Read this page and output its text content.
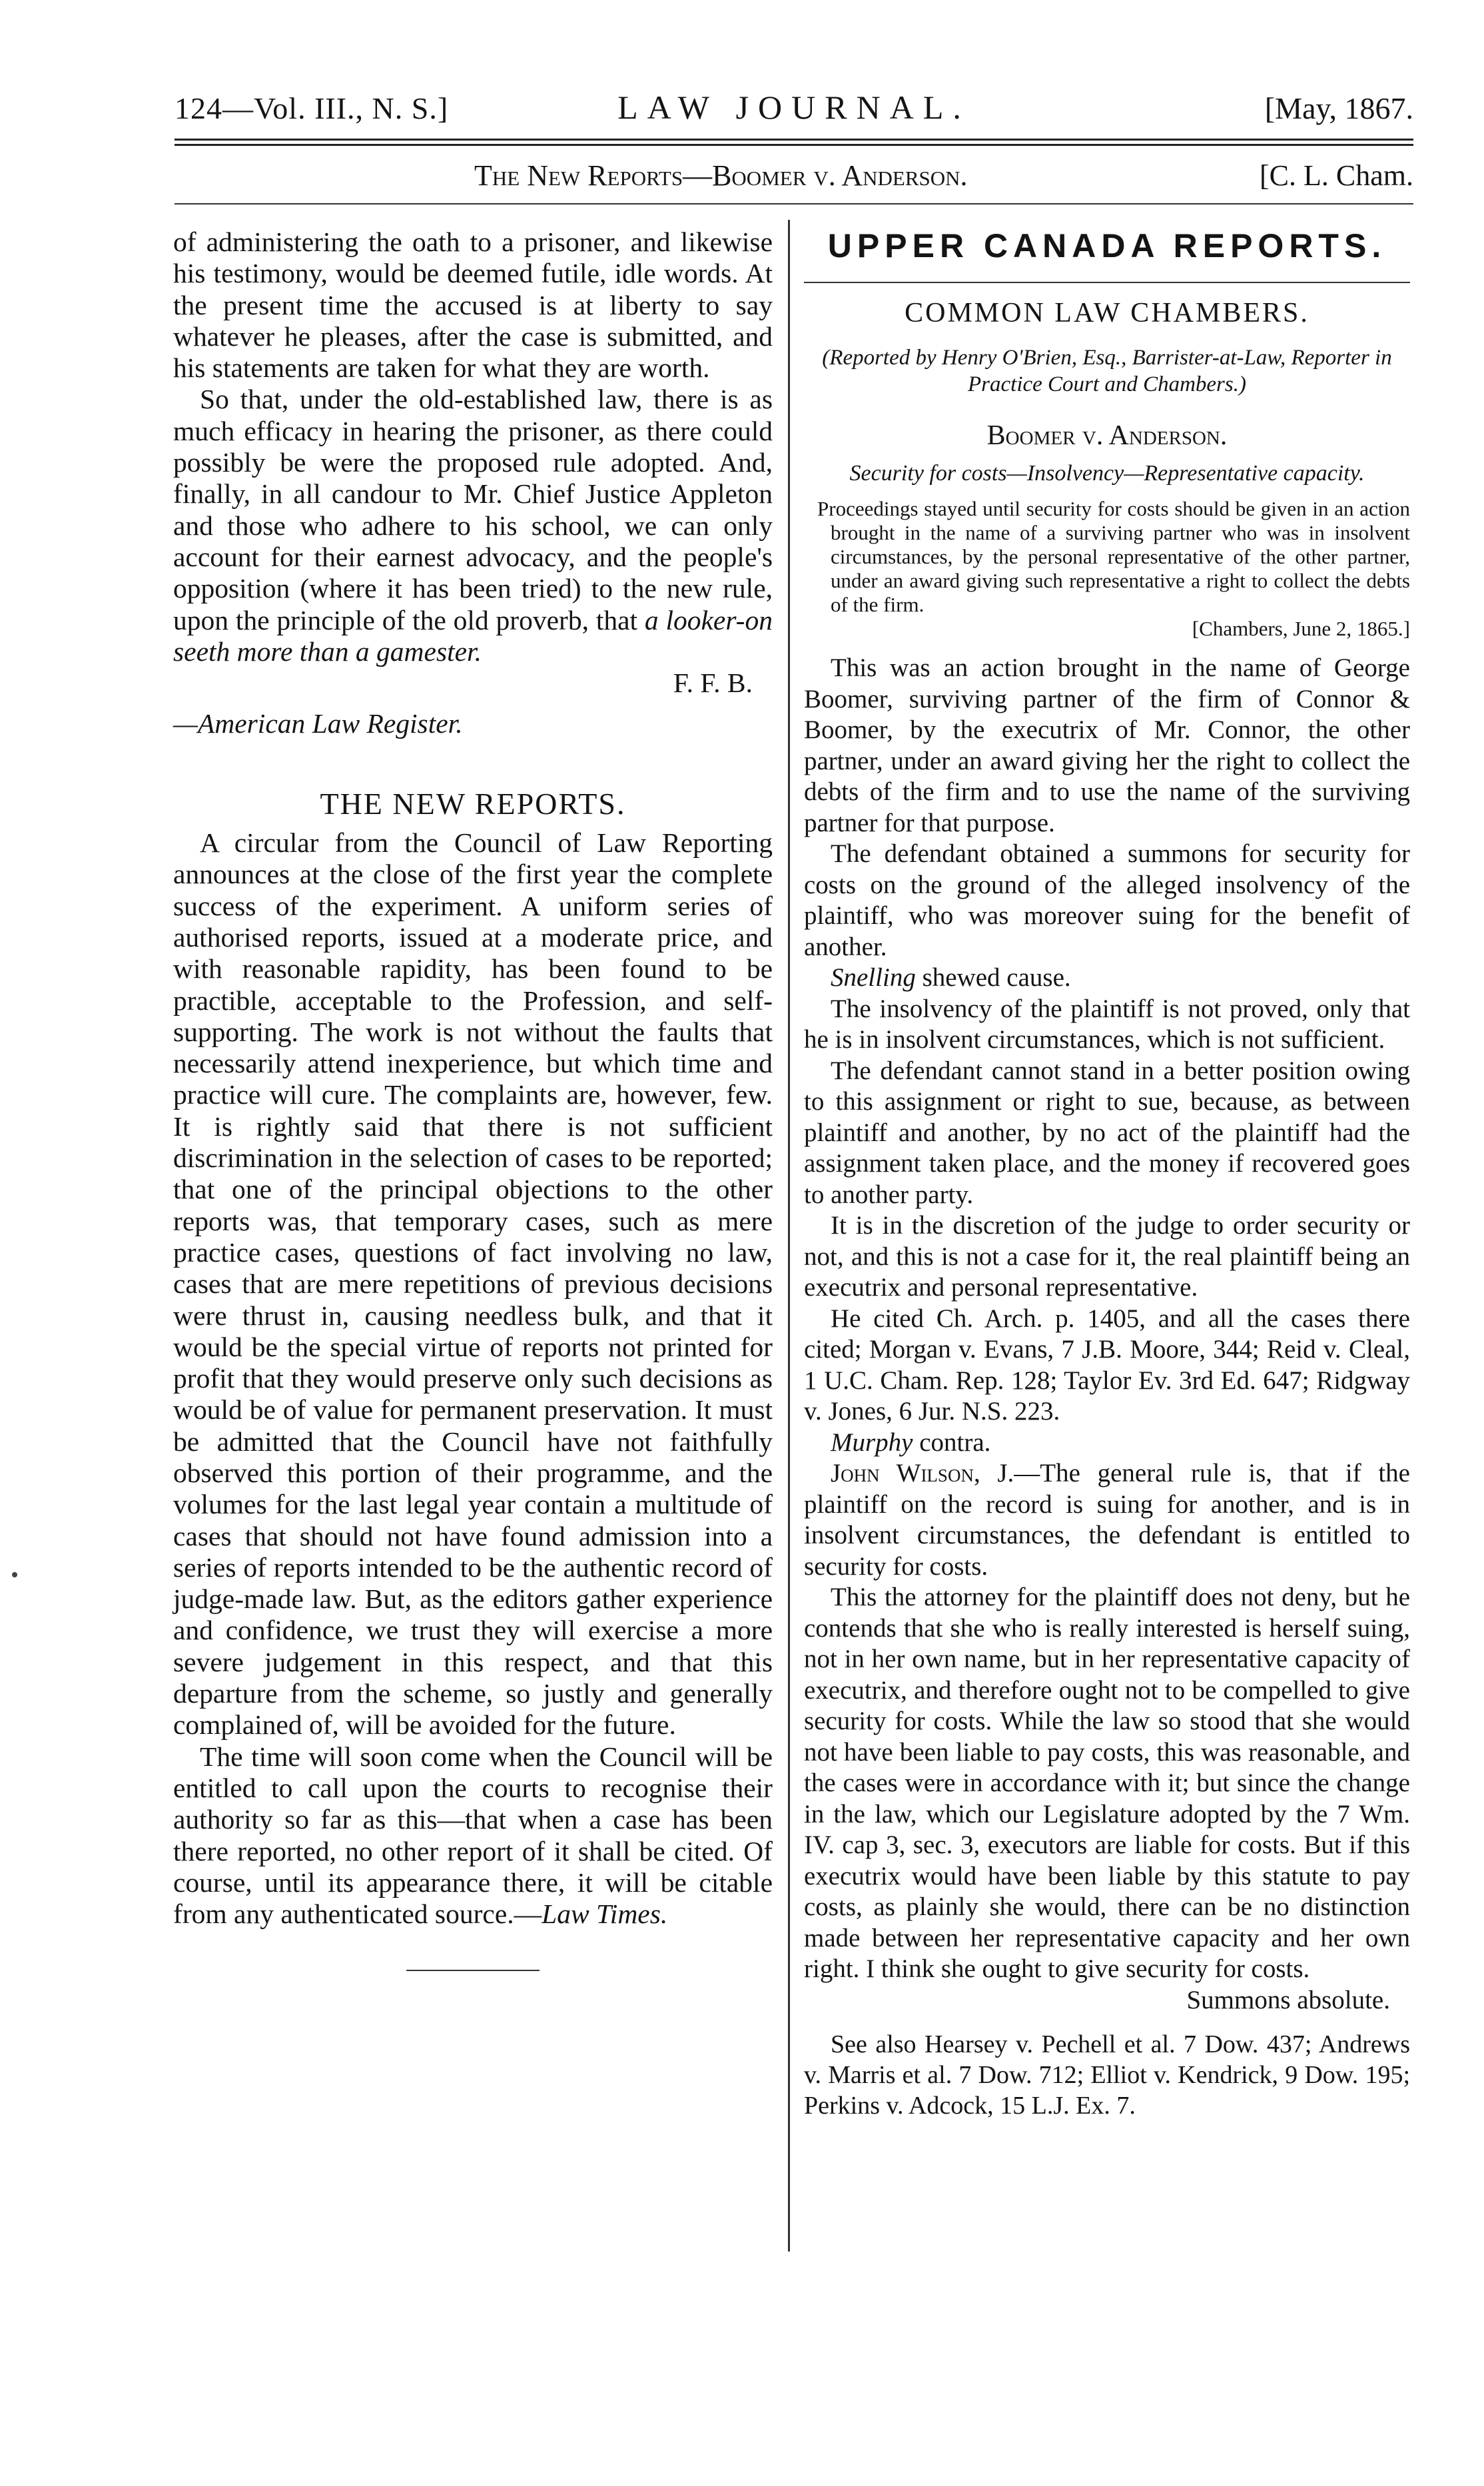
124—Vol. III., N. S.]	LAW JOURNAL.	[May, 1867.
The New Reports—Boomer v. Anderson.	[C. L. Cham.

of administering the oath to a prisoner, and likewise his testimony, would be deemed futile, idle words. At the present time the accused is at liberty to say whatever he pleases, after the case is submitted, and his statements are taken for what they are worth.

So that, under the old-established law, there is as much efficacy in hearing the prisoner, as there could possibly be were the proposed rule adopted. And, finally, in all candour to Mr. Chief Justice Appleton and those who adhere to his school, we can only account for their earnest advocacy, and the people's opposition (where it has been tried) to the new rule, upon the principle of the old proverb, that a looker-on seeth more than a gamester.

F. F. B.

—American Law Register.

THE NEW REPORTS.

A circular from the Council of Law Reporting announces at the close of the first year the complete success of the experiment. A uniform series of authorised reports, issued at a moderate price, and with reasonable rapidity, has been found to be practible, acceptable to the Profession, and self-supporting. The work is not without the faults that necessarily attend inexperience, but which time and practice will cure. The complaints are, however, few. It is rightly said that there is not sufficient discrimination in the selection of cases to be reported; that one of the principal objections to the other reports was, that temporary cases, such as mere practice cases, questions of fact involving no law, cases that are mere repetitions of previous decisions were thrust in, causing needless bulk, and that it would be the special virtue of reports not printed for profit that they would preserve only such decisions as would be of value for permanent preservation. It must be admitted that the Council have not faithfully observed this portion of their programme, and the volumes for the last legal year contain a multitude of cases that should not have found admission into a series of reports intended to be the authentic record of judge-made law. But, as the editors gather experience and confidence, we trust they will exercise a more severe judgement in this respect, and that this departure from the scheme, so justly and generally complained of, will be avoided for the future.

The time will soon come when the Council will be entitled to call upon the courts to recognise their authority so far as this—that when a case has been there reported, no other report of it shall be cited. Of course, until its appearance there, it will be citable from any authenticated source.—Law Times.

UPPER CANADA REPORTS.

COMMON LAW CHAMBERS.

(Reported by Henry O'Brien, Esq., Barrister-at-Law, Reporter in Practice Court and Chambers.)

Boomer v. Anderson.

Security for costs—Insolvency—Representative capacity.

Proceedings stayed until security for costs should be given in an action brought in the name of a surviving partner who was in insolvent circumstances, by the personal representative of the other partner, under an award giving such representative a right to collect the debts of the firm.
[Chambers, June 2, 1865.]

This was an action brought in the name of George Boomer, surviving partner of the firm of Connor & Boomer, by the executrix of Mr. Connor, the other partner, under an award giving her the right to collect the debts of the firm and to use the name of the surviving partner for that purpose.

The defendant obtained a summons for security for costs on the ground of the alleged insolvency of the plaintiff, who was moreover suing for the benefit of another.

Snelling shewed cause.

The insolvency of the plaintiff is not proved, only that he is in insolvent circumstances, which is not sufficient.

The defendant cannot stand in a better position owing to this assignment or right to sue, because, as between plaintiff and another, by no act of the plaintiff had the assignment taken place, and the money if recovered goes to another party.

It is in the discretion of the judge to order security or not, and this is not a case for it, the real plaintiff being an executrix and personal representative.

He cited Ch. Arch. p. 1405, and all the cases there cited; Morgan v. Evans, 7 J.B. Moore, 344; Reid v. Cleal, 1 U.C. Cham. Rep. 128; Taylor Ev. 3rd Ed. 647; Ridgway v. Jones, 6 Jur. N.S. 223.

Murphy contra.

John Wilson, J.—The general rule is, that if the plaintiff on the record is suing for another, and is in insolvent circumstances, the defendant is entitled to security for costs.

This the attorney for the plaintiff does not deny, but he contends that she who is really interested is herself suing, not in her own name, but in her representative capacity of executrix, and therefore ought not to be compelled to give security for costs. While the law so stood that she would not have been liable to pay costs, this was reasonable, and the cases were in accordance with it; but since the change in the law, which our Legislature adopted by the 7 Wm. IV. cap 3, sec. 3, executors are liable for costs. But if this executrix would have been liable by this statute to pay costs, as plainly she would, there can be no distinction made between her representative capacity and her own right. I think she ought to give security for costs.

Summons absolute.

See also Hearsey v. Pechell et al. 7 Dow. 437; Andrews v. Marris et al. 7 Dow. 712; Elliot v. Kendrick, 9 Dow. 195; Perkins v. Adcock, 15 L.J. Ex. 7.
